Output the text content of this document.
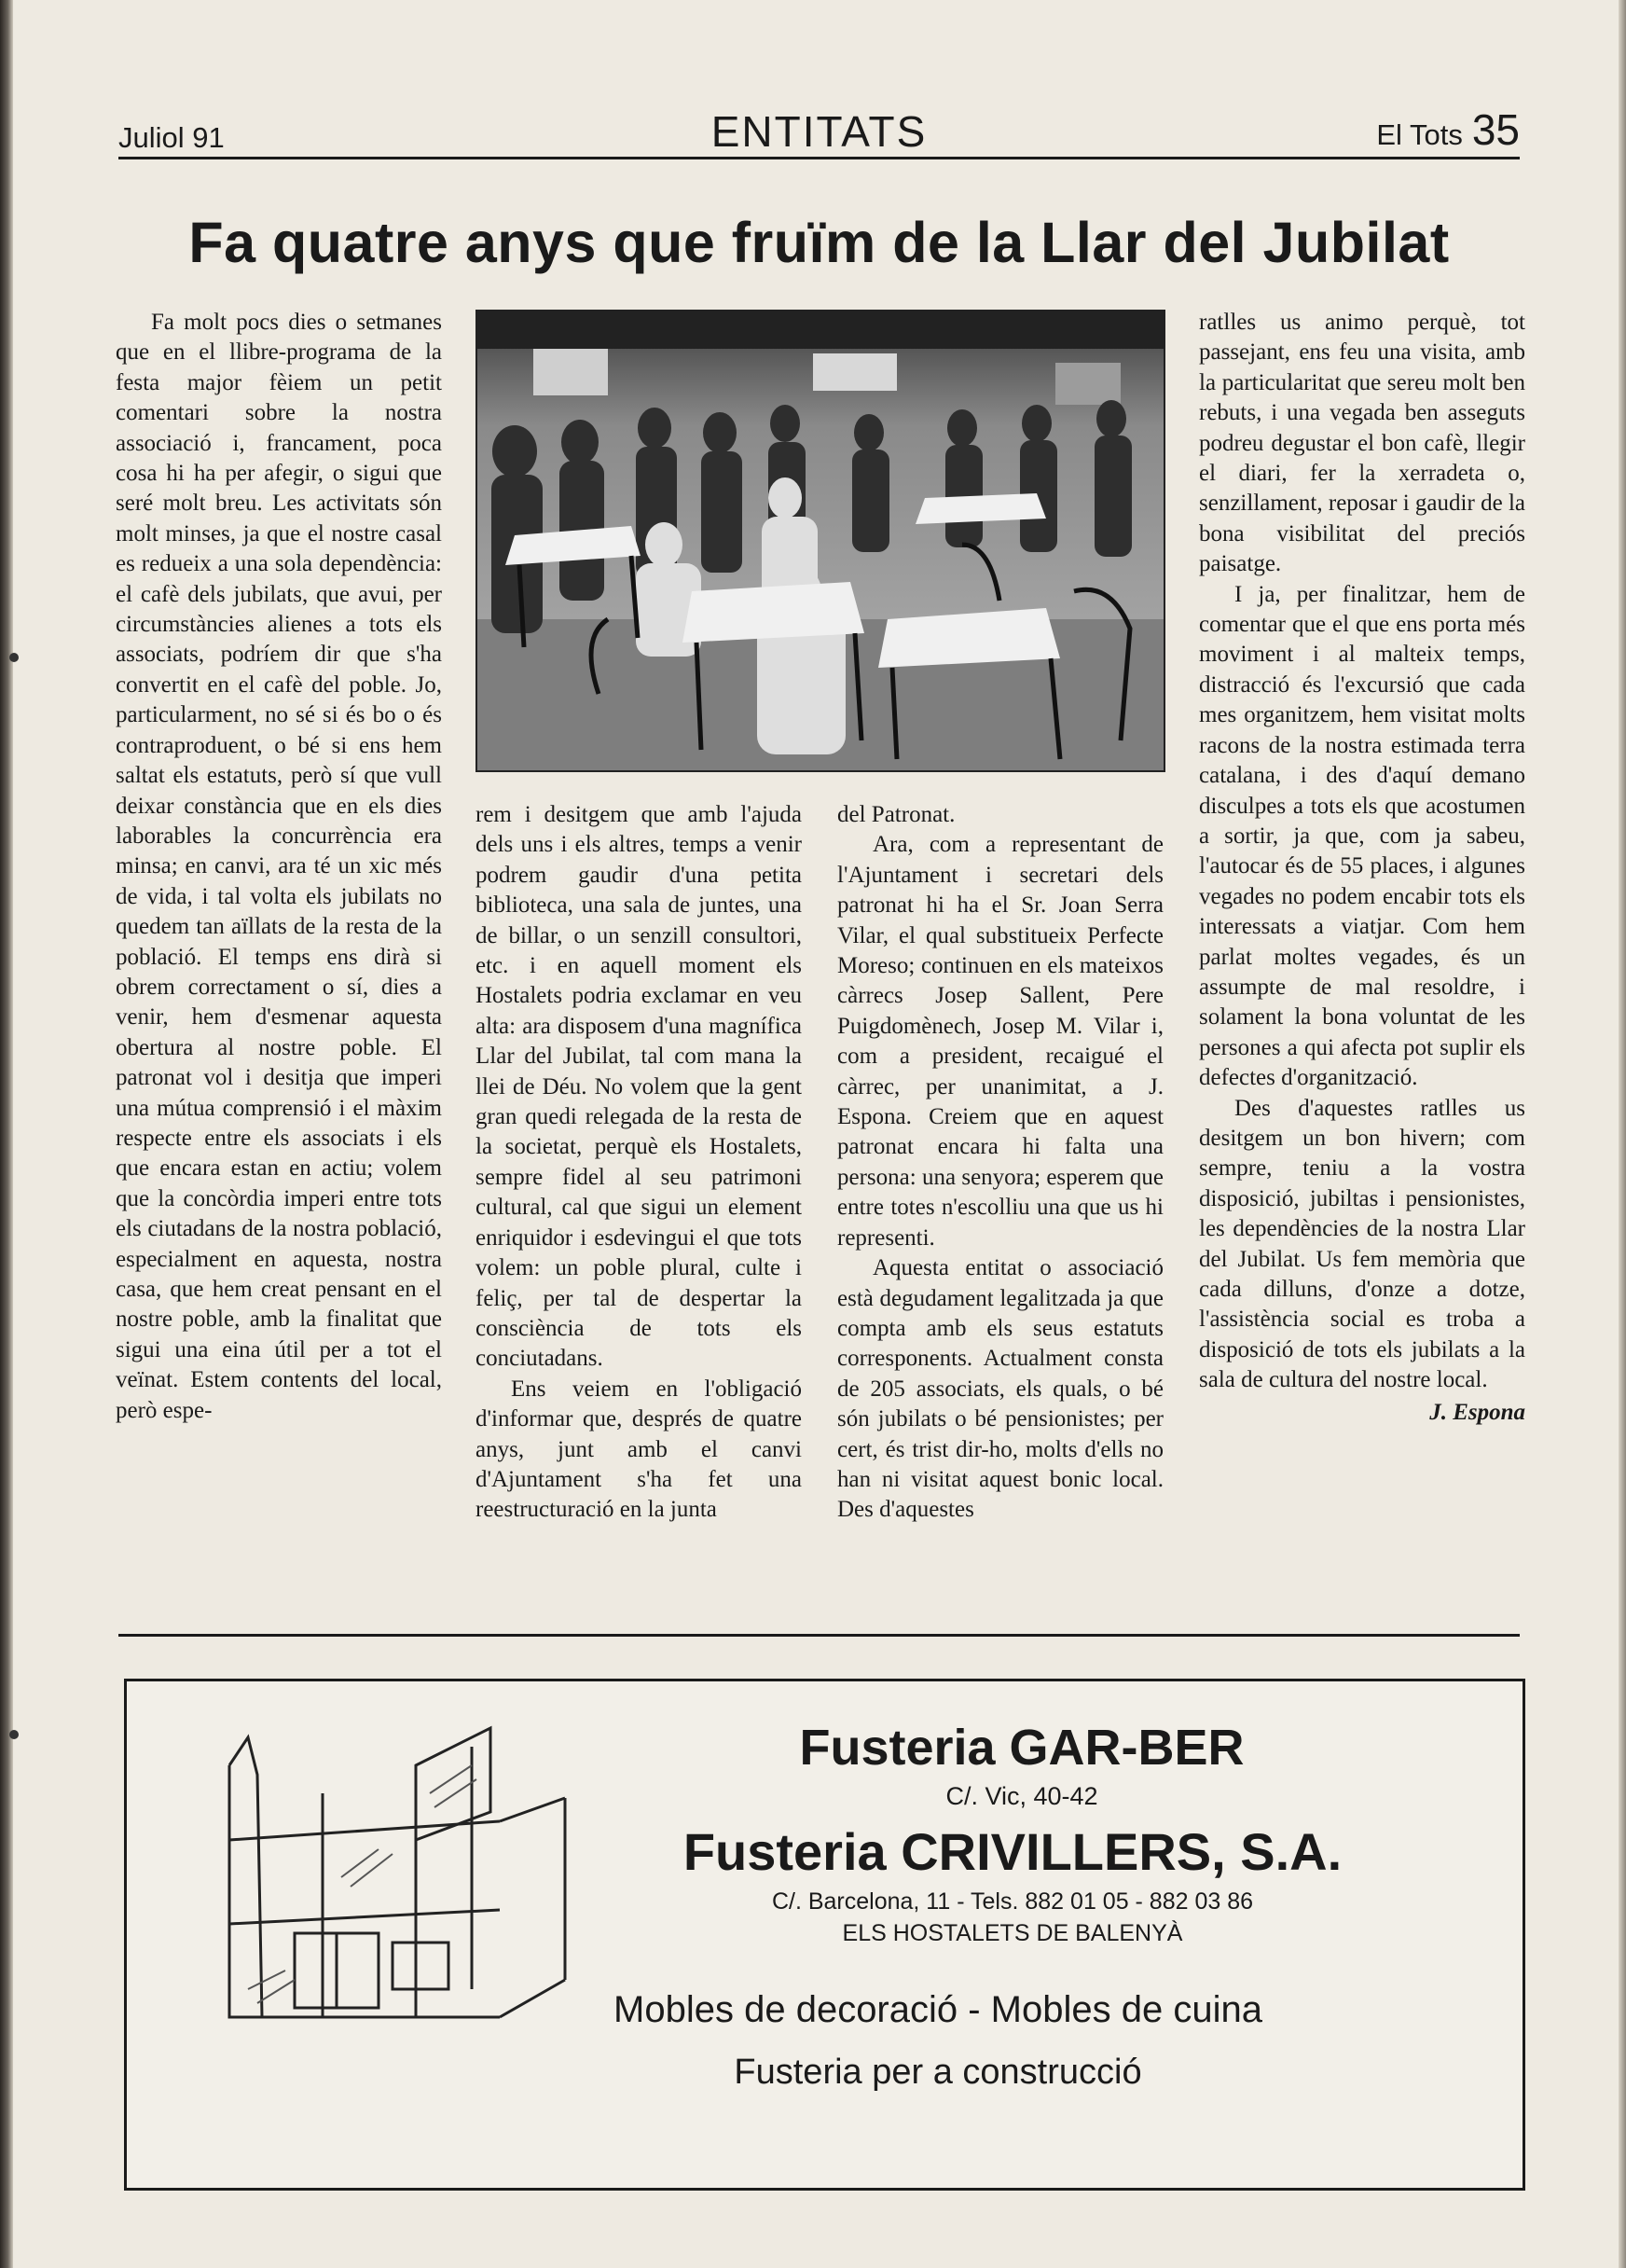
Juliol 91	ENTITATS	El Tots 35
Fa quatre anys que fruïm de la Llar del Jubilat

Fa molt pocs dies o setmanes que en el llibre-programa de la festa major fèiem un petit comentari sobre la nostra associació i, francament, poca cosa hi ha per afegir, o sigui que seré molt breu. Les activitats són molt minses, ja que el nostre casal es redueix a una sola dependència: el cafè dels jubilats, que avui, per circumstàncies alienes a tots els associats, podríem dir que s'ha convertit en el cafè del poble. Jo, particularment, no sé si és bo o és contraproduent, o bé si ens hem saltat els estatuts, però sí que vull deixar constància que en els dies laborables la concurrència era minsa; en canvi, ara té un xic més de vida, i tal volta els jubilats no quedem tan aïllats de la resta de la població. El temps ens dirà si obrem correctament o sí, dies a venir, hem d'esmenar aquesta obertura al nostre poble. El patronat vol i desitja que imperi una mútua comprensió i el màxim respecte entre els associats i els que encara estan en actiu; volem que la concòrdia imperi entre tots els ciutadans de la nostra població, especialment en aquesta, nostra casa, que hem creat pensant en el nostre poble, amb la finalitat que sigui una eina útil per a tot el veïnat. Estem contents del local, però espe-

rem i desitgem que amb l'ajuda dels uns i els altres, temps a venir podrem gaudir d'una petita biblioteca, una sala de juntes, una de billar, o un senzill consultori, etc. i en aquell moment els Hostalets podria exclamar en veu alta: ara disposem d'una magnífica Llar del Jubilat, tal com mana la llei de Déu. No volem que la gent gran quedi relegada de la resta de la societat, perquè els Hostalets, sempre fidel al seu patrimoni cultural, cal que sigui un element enriquidor i esdevingui el que tots volem: un poble plural, culte i feliç, per tal de despertar la consciència de tots els conciutadans.

Ens veiem en l'obligació d'informar que, després de quatre anys, junt amb el canvi d'Ajuntament s'ha fet una reestructuració en la junta

del Patronat.

Ara, com a representant de l'Ajuntament i secretari dels patronat hi ha el Sr. Joan Serra Vilar, el qual substitueix Perfecte Moreso; continuen en els mateixos càrrecs Josep Sallent, Pere Puigdomènech, Josep M. Vilar i, com a president, recaigué el càrrec, per unanimitat, a J. Espona. Creiem que en aquest patronat encara hi falta una persona: una senyora; esperem que entre totes n'escolliu una que us hi representi.

Aquesta entitat o associació està degudament legalitzada ja que compta amb els seus estatuts corresponents. Actualment consta de 205 associats, els quals, o bé són jubilats o bé pensionistes; per cert, és trist dir-ho, molts d'ells no han ni visitat aquest bonic local. Des d'aquestes

ratlles us animo perquè, tot passejant, ens feu una visita, amb la particularitat que sereu molt ben rebuts, i una vegada ben asseguts podreu degustar el bon cafè, llegir el diari, fer la xerradeta o, senzillament, reposar i gaudir de la bona visibilitat del preciós paisatge.

I ja, per finalitzar, hem de comentar que el que ens porta més moviment i al malteix temps, distracció és l'excursió que cada mes organitzem, hem visitat molts racons de la nostra estimada terra catalana, i des d'aquí demano disculpes a tots els que acostumen a sortir, ja que, com ja sabeu, l'autocar és de 55 places, i algunes vegades no podem encabir tots els interessats a viatjar. Com hem parlat moltes vegades, és un assumpte de mal resoldre, i solament la bona voluntat de les persones a qui afecta pot suplir els defectes d'organització.

Des d'aquestes ratlles us desitgem un bon hivern; com sempre, teniu a la vostra disposició, jubiltas i pensionistes, les dependències de la nostra Llar del Jubilat. Us fem memòria que cada dilluns, d'onze a dotze, l'assistència social es troba a disposició de tots els jubilats a la sala de cultura del nostre local.

J. Espona
Fusteria GAR-BER
C/. Vic, 40-42
Fusteria CRIVILLERS, S.A.
C/. Barcelona, 11 - Tels. 882 01 05 - 882 03 86
ELS HOSTALETS DE BALENYÀ
Mobles de decoració - Mobles de cuina
Fusteria per a construcció
